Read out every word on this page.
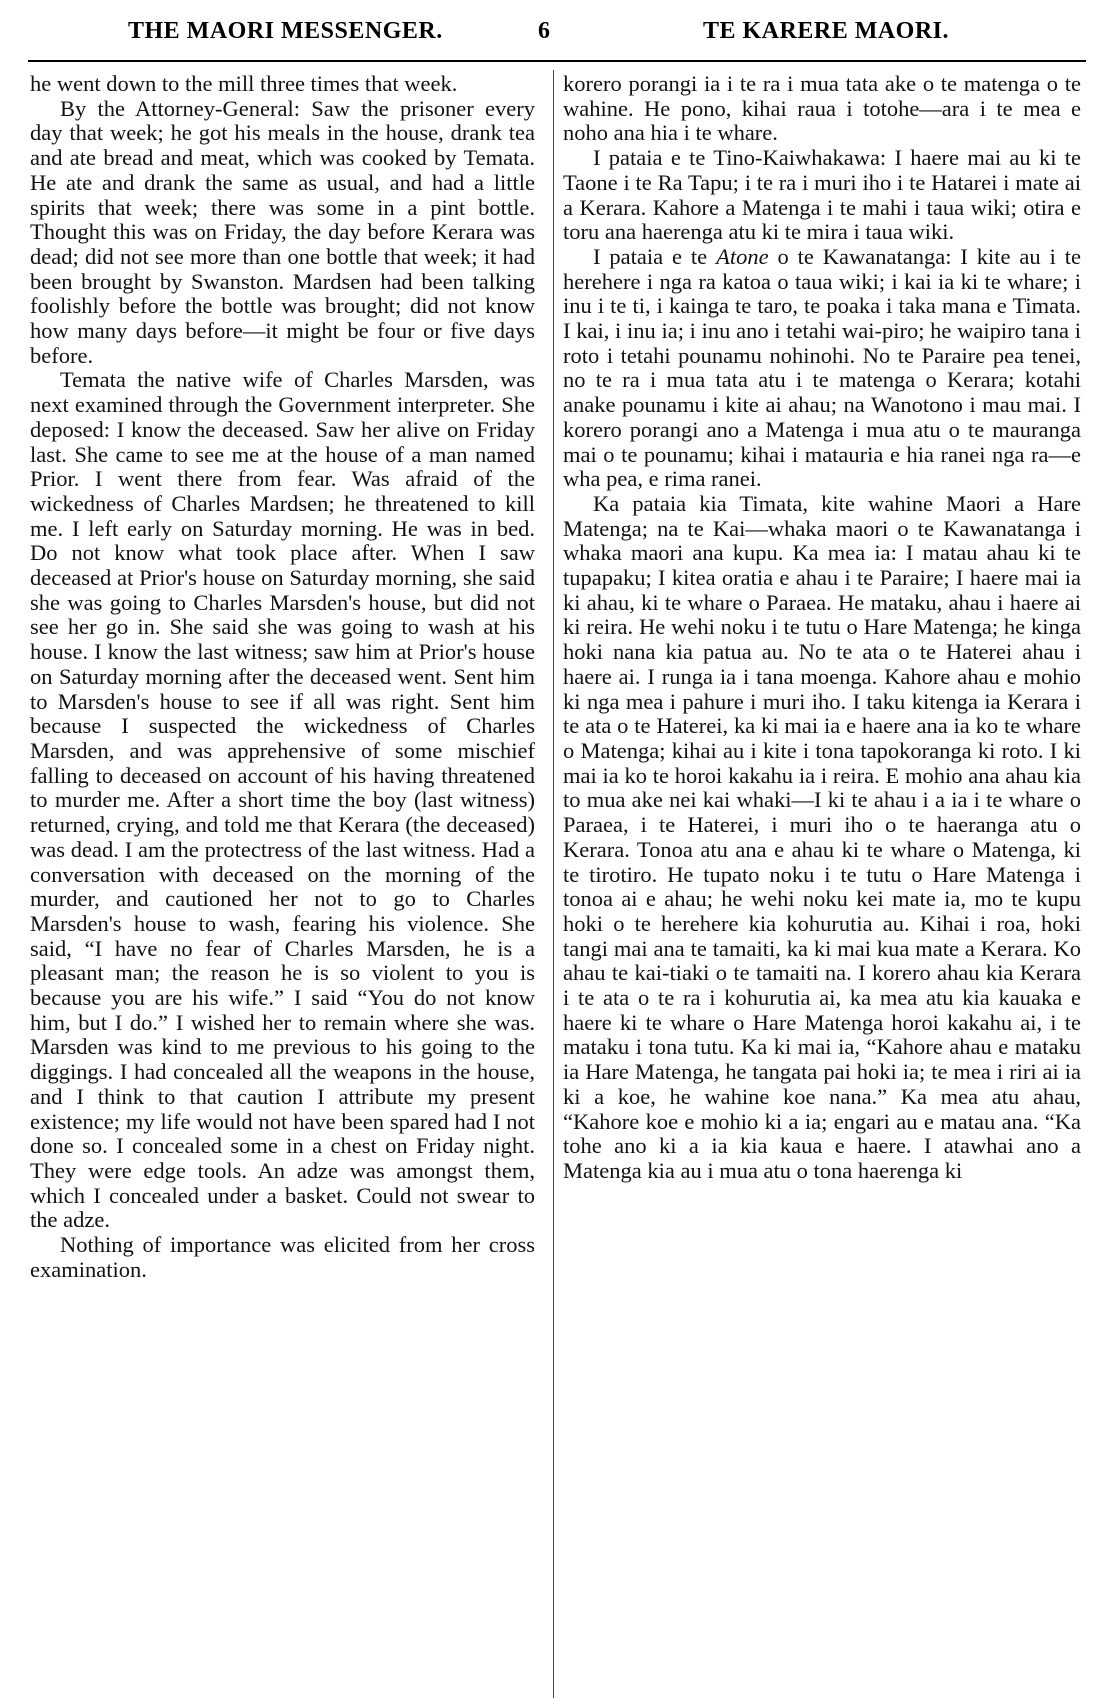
THE MAORI MESSENGER.	6	TE KARERE MAORI.

he went down to the mill three times that week.

By the Attorney-General: Saw the prisoner every day that week; he got his meals in the house, drank tea and ate bread and meat, which was cooked by Temata. He ate and drank the same as usual, and had a little spirits that week; there was some in a pint bottle. Thought this was on Friday, the day before Kerara was dead; did not see more than one bottle that week; it had been brought by Swanston. Mardsen had been talking foolishly before the bottle was brought; did not know how many days before—it might be four or five days before.

Temata the native wife of Charles Marsden, was next examined through the Government interpreter. She deposed: I know the deceased. Saw her alive on Friday last. She came to see me at the house of a man named Prior. I went there from fear. Was afraid of the wickedness of Charles Mardsen; he threatened to kill me. I left early on Saturday morning. He was in bed. Do not know what took place after. When I saw deceased at Prior's house on Saturday morning, she said she was going to Charles Marsden's house, but did not see her go in. She said she was going to wash at his house. I know the last witness; saw him at Prior's house on Saturday morning after the deceased went. Sent him to Marsden's house to see if all was right. Sent him because I suspected the wickedness of Charles Marsden, and was apprehensive of some mischief falling to deceased on account of his having threatened to murder me. After a short time the boy (last witness) returned, crying, and told me that Kerara (the deceased) was dead. I am the protectress of the last witness. Had a conversation with deceased on the morning of the murder, and cautioned her not to go to Charles Marsden's house to wash, fearing his violence. She said, “I have no fear of Charles Marsden, he is a pleasant man; the reason he is so violent to you is because you are his wife.” I said “You do not know him, but I do.” I wished her to remain where she was. Marsden was kind to me previous to his going to the diggings. I had concealed all the weapons in the house, and I think to that caution I attribute my present existence; my life would not have been spared had I not done so. I concealed some in a chest on Friday night. They were edge tools. An adze was amongst them, which I concealed under a basket. Could not swear to the adze.

Nothing of importance was elicited from her cross examination.

korero porangi ia i te ra i mua tata ake o te matenga o te wahine. He pono, kihai raua i totohe—ara i te mea e noho ana hia i te whare.

I pataia e te Tino-Kaiwhakawa: I haere mai au ki te Taone i te Ra Tapu; i te ra i muri iho i te Hatarei i mate ai a Kerara. Kahore a Matenga i te mahi i taua wiki; otira e toru ana haerenga atu ki te mira i taua wiki.

I pataia e te Atone o te Kawanatanga: I kite au i te herehere i nga ra katoa o taua wiki; i kai ia ki te whare; i inu i te ti, i kainga te taro, te poaka i taka mana e Timata. I kai, i inu ia; i inu ano i tetahi wai-piro; he waipiro tana i roto i tetahi pounamu nohinohi. No te Paraire pea tenei, no te ra i mua tata atu i te matenga o Kerara; kotahi anake pounamu i kite ai ahau; na Wanotono i mau mai. I korero porangi ano a Matenga i mua atu o te mauranga mai o te pounamu; kihai i matauria e hia ranei nga ra—e wha pea, e rima ranei.

Ka pataia kia Timata, kite wahine Maori a Hare Matenga; na te Kai—whaka maori o te Kawanatanga i whaka maori ana kupu. Ka mea ia: I matau ahau ki te tupapaku; I kitea oratia e ahau i te Paraire; I haere mai ia ki ahau, ki te whare o Paraea. He mataku, ahau i haere ai ki reira. He wehi noku i te tutu o Hare Matenga; he kinga hoki nana kia patua au. No te ata o te Haterei ahau i haere ai. I runga ia i tana moenga. Kahore ahau e mohio ki nga mea i pahure i muri iho. I taku kitenga ia Kerara i te ata o te Haterei, ka ki mai ia e haere ana ia ko te whare o Matenga; kihai au i kite i tona tapokoranga ki roto. I ki mai ia ko te horoi kakahu ia i reira. E mohio ana ahau kia to mua ake nei kai whaki—I ki te ahau i a ia i te whare o Paraea, i te Haterei, i muri iho o te haeranga atu o Kerara. Tonoa atu ana e ahau ki te whare o Matenga, ki te tirotiro. He tupato noku i te tutu o Hare Matenga i tonoa ai e ahau; he wehi noku kei mate ia, mo te kupu hoki o te herehere kia kohurutia au. Kihai i roa, hoki tangi mai ana te tamaiti, ka ki mai kua mate a Kerara. Ko ahau te kai-tiaki o te tamaiti na. I korero ahau kia Kerara i te ata o te ra i kohurutia ai, ka mea atu kia kauaka e haere ki te whare o Hare Matenga horoi kakahu ai, i te mataku i tona tutu. Ka ki mai ia, “Kahore ahau e mataku ia Hare Matenga, he tangata pai hoki ia; te mea i riri ai ia ki a koe, he wahine koe nana.” Ka mea atu ahau, “Kahore koe e mohio ki a ia; engari au e matau ana. “Ka tohe ano ki a ia kia kaua e haere. I atawhai ano a Matenga kia au i mua atu o tona haerenga ki
